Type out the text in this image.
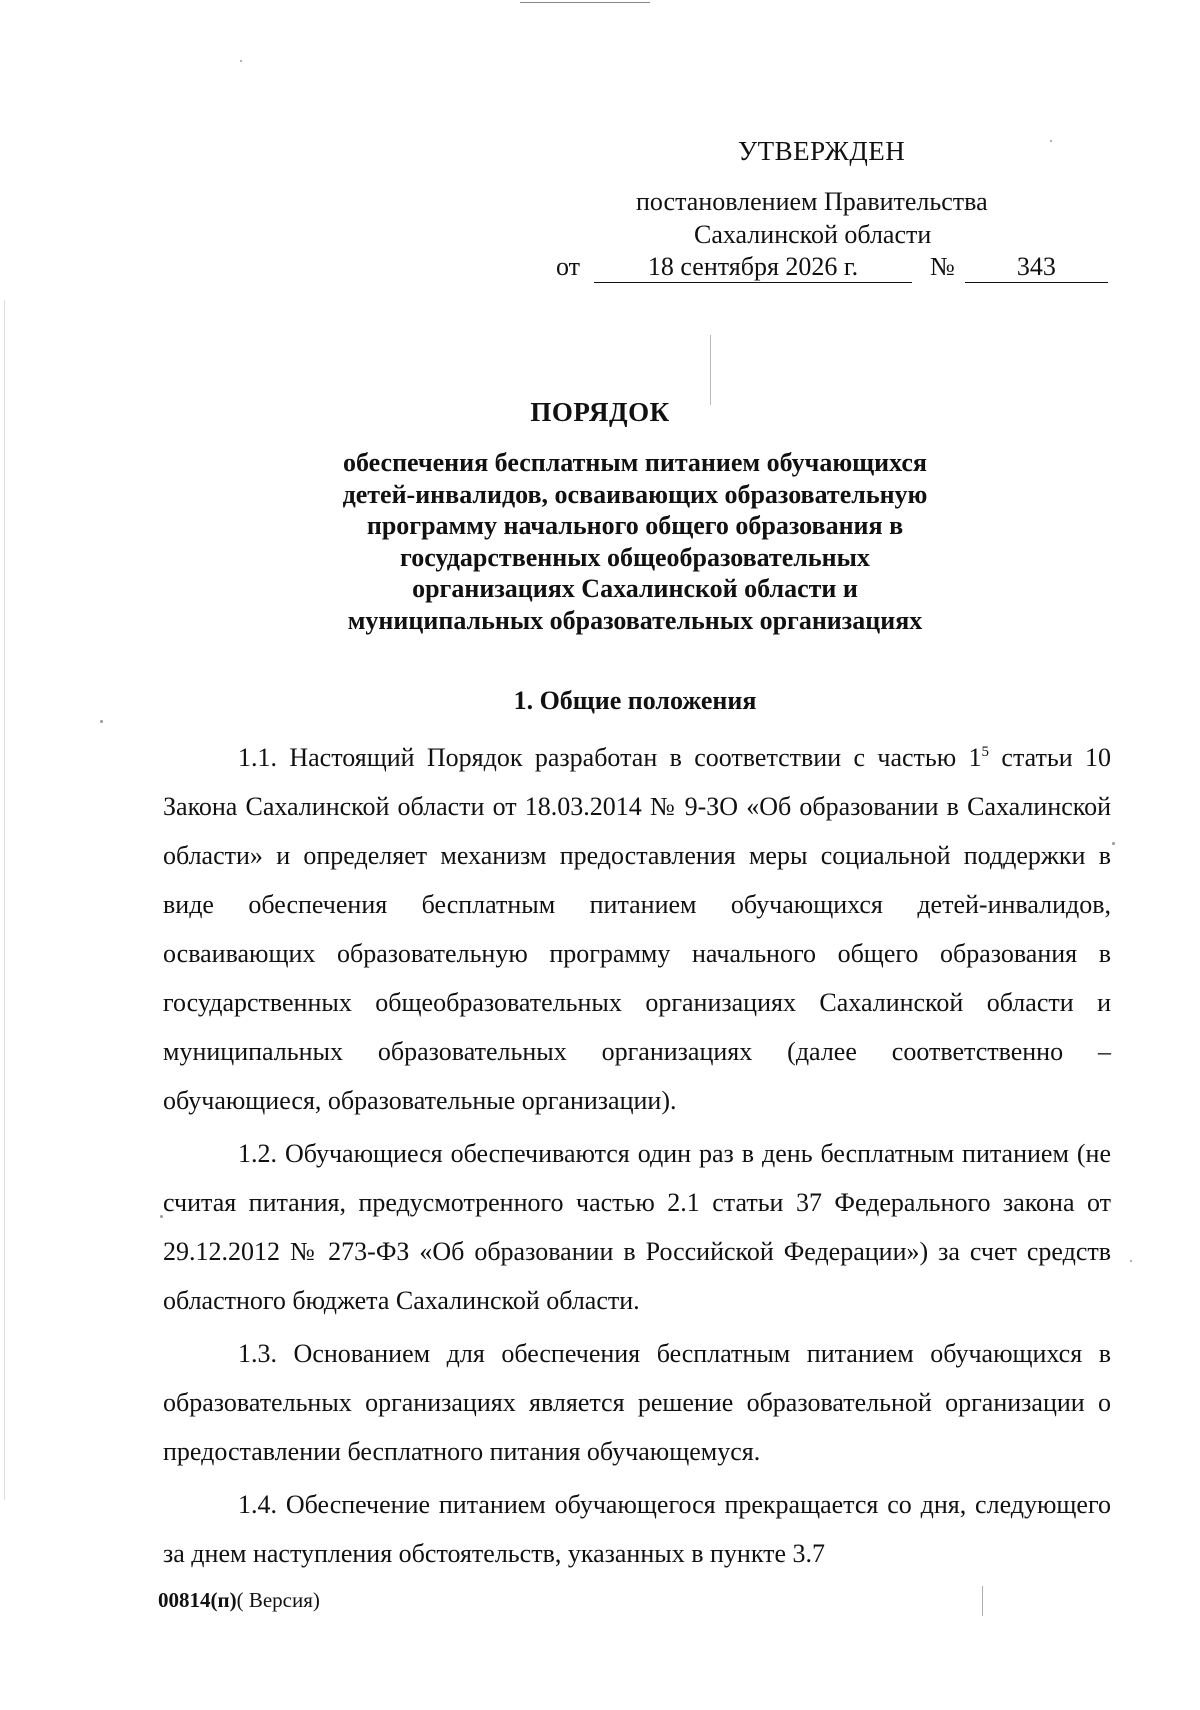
УТВЕРЖДЕН
постановлением Правительства
Сахалинской области
от	18 сентября 2026 г.	№	343
ПОРЯДОК
обеспечения бесплатным питанием обучающихся
детей-инвалидов, осваивающих образовательную
программу начального общего образования в
государственных общеобразовательных
организациях Сахалинской области и
муниципальных образовательных организациях
1. Общие положения

1.1. Настоящий Порядок разработан в соответствии с частью $1^5$ статьи 10 Закона Сахалинской области от 18.03.2014 № 9-ЗО «Об образовании в Сахалинской области» и определяет механизм предоставления меры социальной поддержки в виде обеспечения бесплатным питанием обучающихся детей-инвалидов, осваивающих образовательную программу начального общего образования в государственных общеобразовательных организациях Сахалинской области и муниципальных образовательных организациях (далее соответственно – обучающиеся, образовательные организации).

1.2. Обучающиеся обеспечиваются один раз в день бесплатным питанием (не считая питания, предусмотренного частью 2.1 статьи 37 Федерального закона от 29.12.2012 № 273-ФЗ «Об образовании в Российской Федерации») за счет средств областного бюджета Сахалинской области.

1.3. Основанием для обеспечения бесплатным питанием обучающихся в образовательных организациях является решение образовательной организации о предоставлении бесплатного питания обучающемуся.

1.4. Обеспечение питанием обучающегося прекращается со дня, следующего за днем наступления обстоятельств, указанных в пункте 3.7

00814(п)( Версия)
